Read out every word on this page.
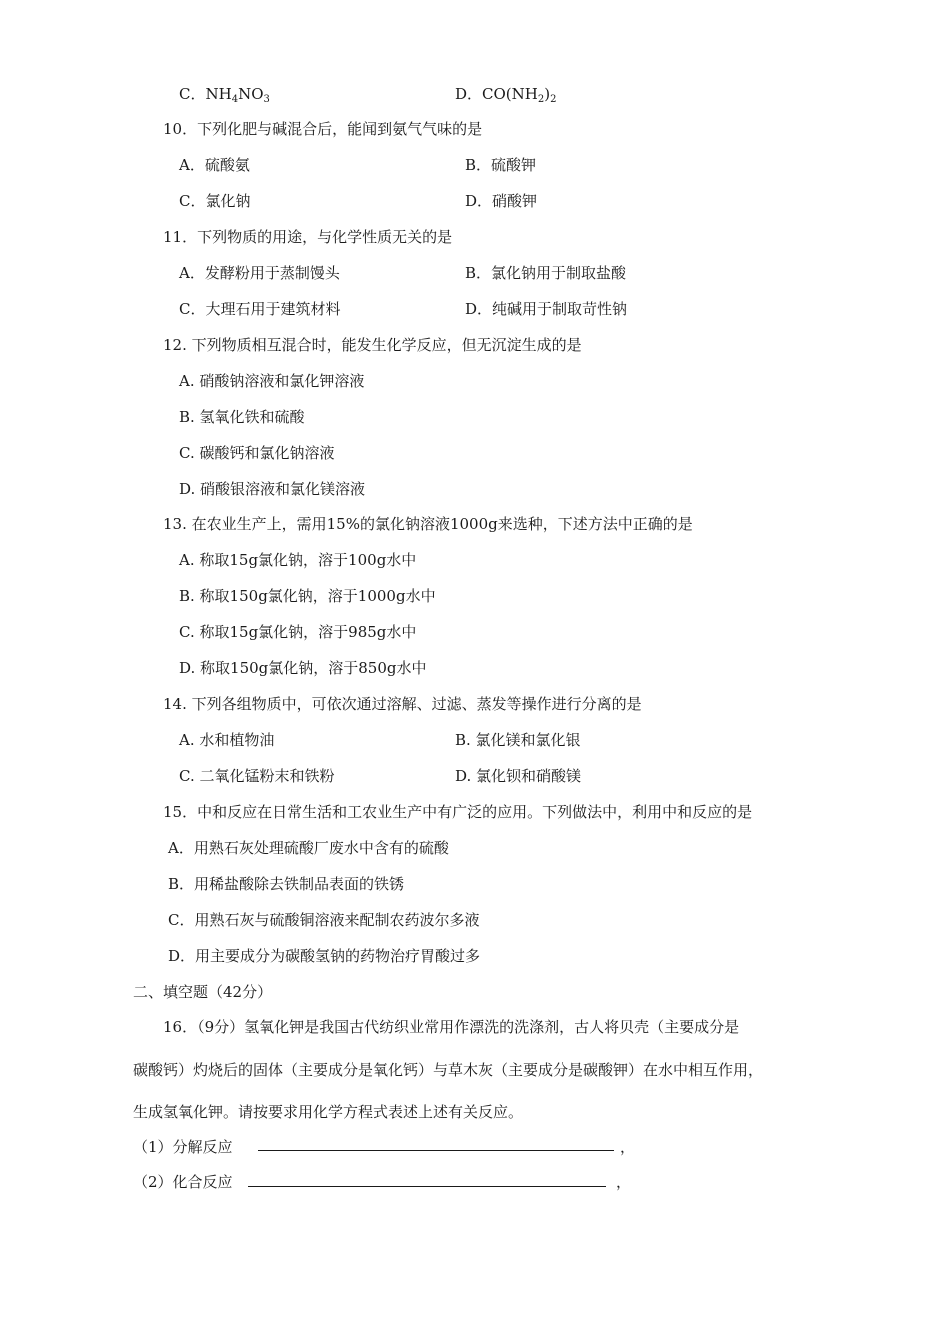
C．$NH_4NO_3$	D．$CO(NH_2)_2$
10．下列化肥与碱混合后，能闻到氨气气味的是
A．硫酸氨	B．硫酸钾
C．氯化钠	D．硝酸钾
11．下列物质的用途，与化学性质无关的是
A．发酵粉用于蒸制馒头	B．氯化钠用于制取盐酸
C．大理石用于建筑材料	D．纯碱用于制取苛性钠
12. 下列物质相互混合时，能发生化学反应，但无沉淀生成的是
A. 硝酸钠溶液和氯化钾溶液
B. 氢氧化铁和硫酸
C. 碳酸钙和氯化钠溶液
D. 硝酸银溶液和氯化镁溶液
13. 在农业生产上，需用15%的氯化钠溶液1000g来选种，下述方法中正确的是
A. 称取15g氯化钠，溶于100g水中
B. 称取150g氯化钠，溶于1000g水中
C. 称取15g氯化钠，溶于985g水中
D. 称取150g氯化钠，溶于850g水中
14. 下列各组物质中，可依次通过溶解、过滤、蒸发等操作进行分离的是
A. 水和植物油	B. 氯化镁和氯化银
C. 二氧化锰粉末和铁粉	D. 氯化钡和硝酸镁
15．中和反应在日常生活和工农业生产中有广泛的应用。下列做法中，利用中和反应的是
A．用熟石灰处理硫酸厂废水中含有的硫酸
B．用稀盐酸除去铁制品表面的铁锈
C．用熟石灰与硫酸铜溶液来配制农药波尔多液
D．用主要成分为碳酸氢钠的药物治疗胃酸过多
二、填空题（42分）
16．（9分）氢氧化钾是我国古代纺织业常用作漂洗的洗涤剂，古人将贝壳（主要成分是
碳酸钙）灼烧后的固体（主要成分是氧化钙）与草木灰（主要成分是碳酸钾）在水中相互作用，
生成氢氧化钾。请按要求用化学方程式表述上述有关反应。
（1）分解反应	，
（2）化合反应	，
